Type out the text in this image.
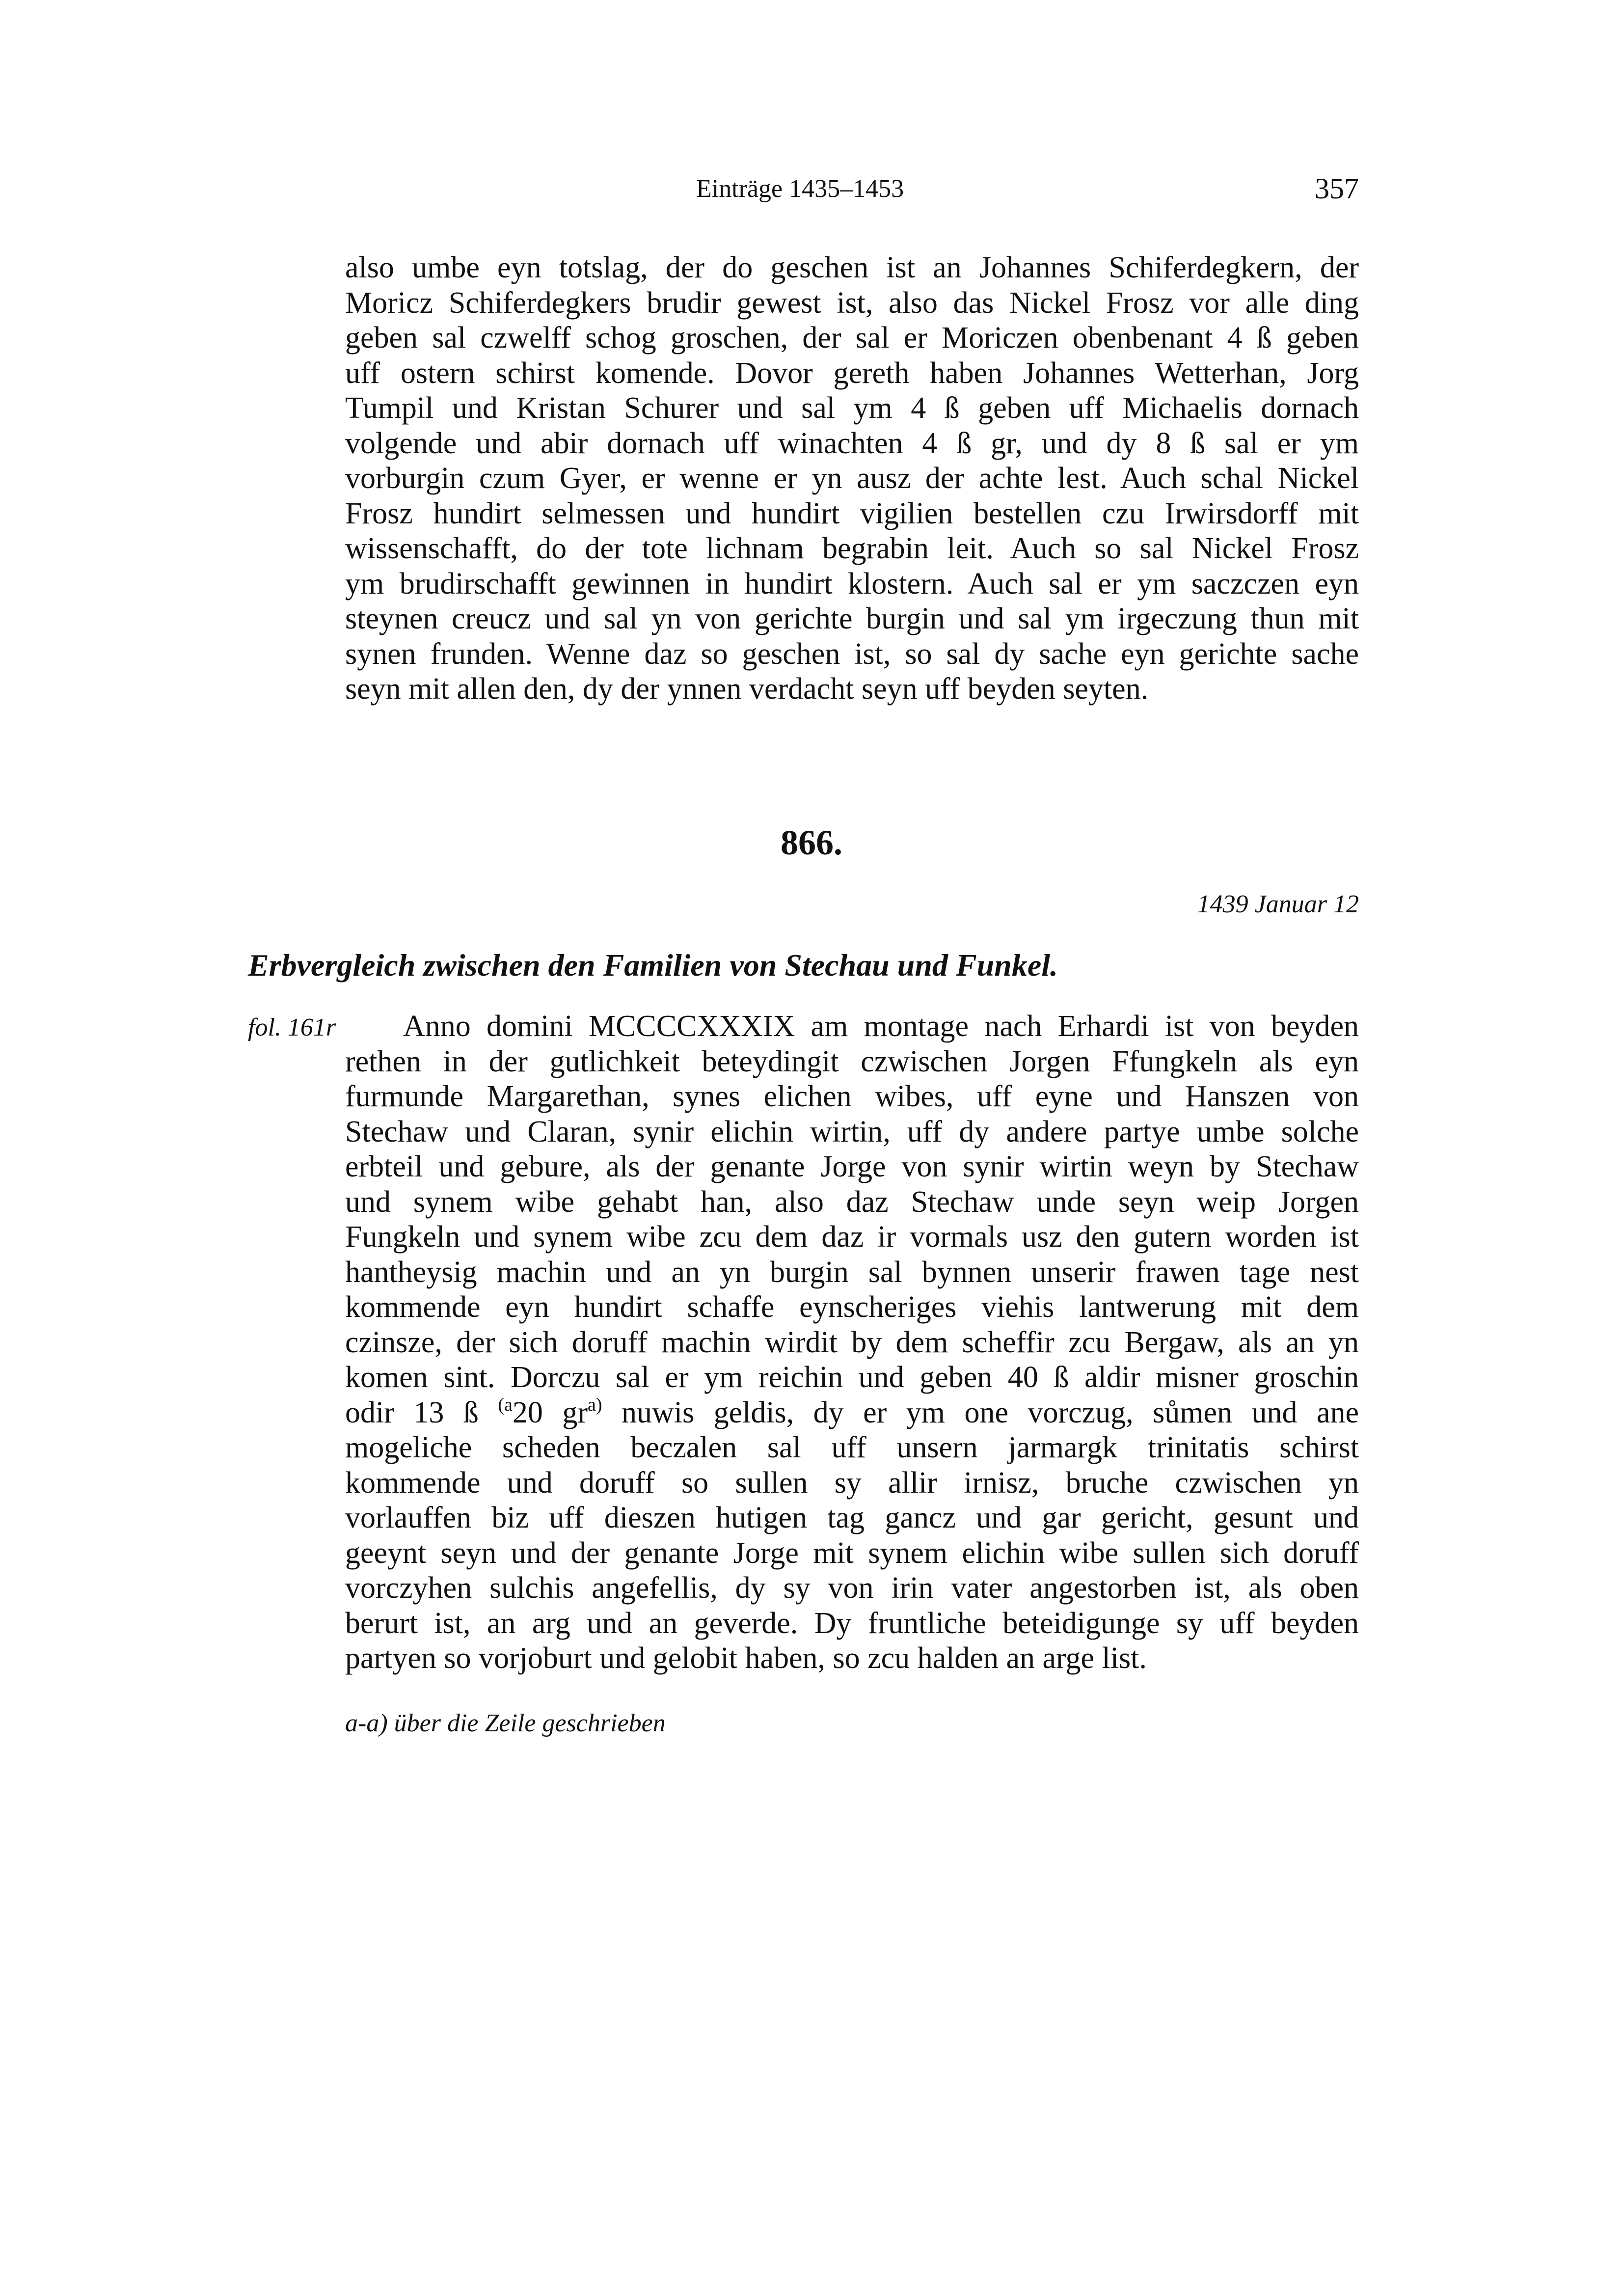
Einträge 1435–1453	357
also umbe eyn totslag, der do geschen ist an Johannes Schiferdegkern, der
Moricz Schiferdegkers brudir gewest ist, also das Nickel Frosz vor alle ding
geben sal czwelff schog groschen, der sal er Moriczen obenbenant 4 ß geben
uff ostern schirst komende. Dovor gereth haben Johannes Wetterhan, Jorg
Tumpil und Kristan Schurer und sal ym 4 ß geben uff Michaelis dornach
volgende und abir dornach uff winachten 4 ß gr, und dy 8 ß sal er ym
vorburgin czum Gyer, er wenne er yn ausz der achte lest. Auch schal Nickel
Frosz hundirt selmessen und hundirt vigilien bestellen czu Irwirsdorff mit
wissenschafft, do der tote lichnam begrabin leit. Auch so sal Nickel Frosz
ym brudirschafft gewinnen in hundirt klostern. Auch sal er ym saczczen eyn
steynen creucz und sal yn von gerichte burgin und sal ym irgeczung thun mit
synen frunden. Wenne daz so geschen ist, so sal dy sache eyn gerichte sache
seyn mit allen den, dy der ynnen verdacht seyn uff beyden seyten.
866.
1439 Januar 12
Erbvergleich zwischen den Familien von Stechau und Funkel.
fol. 161r	Anno domini MCCCCXXXIX am montage nach Erhardi ist von beyden
rethen in der gutlichkeit beteydingit czwischen Jorgen Ffungkeln als eyn
furmunde Margarethan, synes elichen wibes, uff eyne und Hanszen von
Stechaw und Claran, synir elichin wirtin, uff dy andere partye umbe solche
erbteil und gebure, als der genante Jorge von synir wirtin weyn by Stechaw
und synem wibe gehabt han, also daz Stechaw unde seyn weip Jorgen
Fungkeln und synem wibe zcu dem daz ir vormals usz den gutern worden ist
hantheysig machin und an yn burgin sal bynnen unserir frawen tage nest
kommende eyn hundirt schaffe eynscheriges viehis lantwerung mit dem
czinsze, der sich doruff machin wirdit by dem scheffir zcu Bergaw, als an yn
komen sint. Dorczu sal er ym reichin und geben 40 ß aldir misner groschin
odir 13 ß $^{(a}$20 $gr^{a)}$ nuwis geldis, dy er ym one vorczug, sůmen und ane
mogeliche scheden beczalen sal uff unsern jarmargk trinitatis schirst
kommende und doruff so sullen sy allir irnisz, bruche czwischen yn
vorlauffen biz uff dieszen hutigen tag gancz und gar gericht, gesunt und
geeynt seyn und der genante Jorge mit synem elichin wibe sullen sich doruff
vorczyhen sulchis angefellis, dy sy von irin vater angestorben ist, als oben
berurt ist, an arg und an geverde. Dy fruntliche beteidigunge sy uff beyden
partyen so vorjoburt und gelobit haben, so zcu halden an arge list.
a-a) über die Zeile geschrieben
